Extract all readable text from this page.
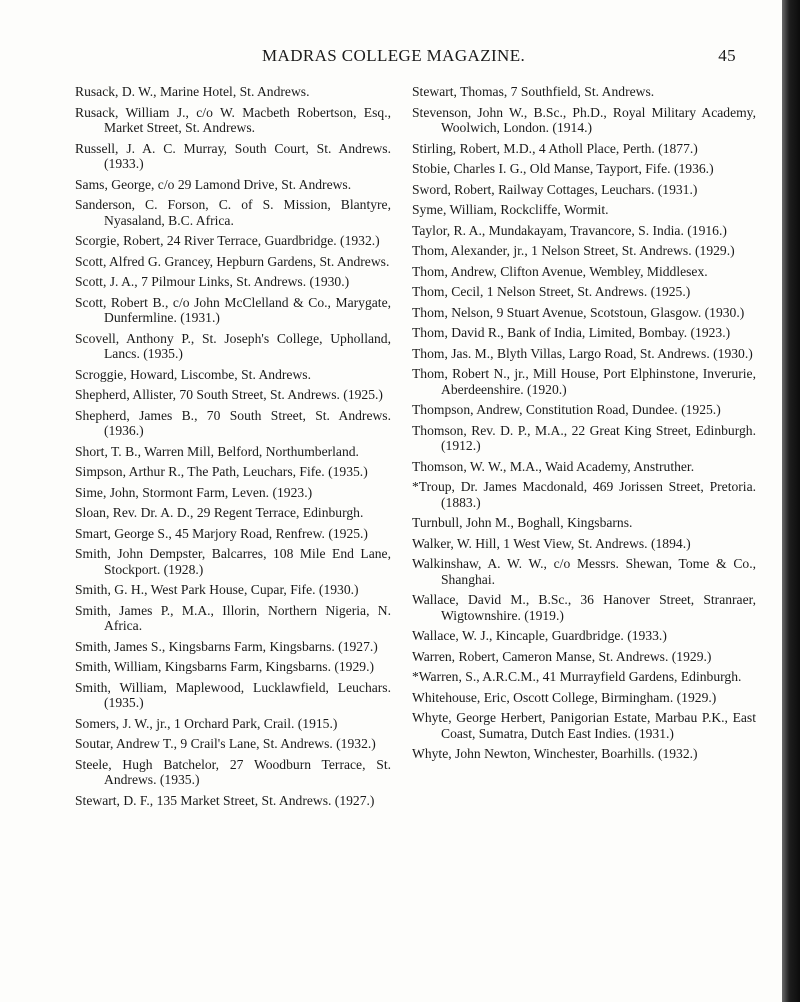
MADRAS COLLEGE MAGAZINE.	45
Rusack, D. W., Marine Hotel, St. Andrews.
Rusack, William J., c/o W. Macbeth Robertson, Esq., Market Street, St. Andrews.
Russell, J. A. C. Murray, South Court, St. Andrews. (1933.)
Sams, George, c/o 29 Lamond Drive, St. Andrews.
Sanderson, C. Forson, C. of S. Mission, Blantyre, Nyasaland, B.C. Africa.
Scorgie, Robert, 24 River Terrace, Guardbridge. (1932.)
Scott, Alfred G. Grancey, Hepburn Gardens, St. Andrews.
Scott, J. A., 7 Pilmour Links, St. Andrews. (1930.)
Scott, Robert B., c/o John McClelland & Co., Marygate, Dunfermline. (1931.)
Scovell, Anthony P., St. Joseph's College, Upholland, Lancs. (1935.)
Scroggie, Howard, Liscombe, St. Andrews.
Shepherd, Allister, 70 South Street, St. Andrews. (1925.)
Shepherd, James B., 70 South Street, St. Andrews. (1936.)
Short, T. B., Warren Mill, Belford, Northumberland.
Simpson, Arthur R., The Path, Leuchars, Fife. (1935.)
Sime, John, Stormont Farm, Leven. (1923.)
Sloan, Rev. Dr. A. D., 29 Regent Terrace, Edinburgh.
Smart, George S., 45 Marjory Road, Renfrew. (1925.)
Smith, John Dempster, Balcarres, 108 Mile End Lane, Stockport. (1928.)
Smith, G. H., West Park House, Cupar, Fife. (1930.)
Smith, James P., M.A., Illorin, Northern Nigeria, N. Africa.
Smith, James S., Kingsbarns Farm, Kingsbarns. (1927.)
Smith, William, Kingsbarns Farm, Kingsbarns. (1929.)
Smith, William, Maplewood, Lucklawfield, Leuchars. (1935.)
Somers, J. W., jr., 1 Orchard Park, Crail. (1915.)
Soutar, Andrew T., 9 Crail's Lane, St. Andrews. (1932.)
Steele, Hugh Batchelor, 27 Woodburn Terrace, St. Andrews. (1935.)
Stewart, D. F., 135 Market Street, St. Andrews. (1927.)
Stewart, Thomas, 7 Southfield, St. Andrews.
Stevenson, John W., B.Sc., Ph.D., Royal Military Academy, Woolwich, London. (1914.)
Stirling, Robert, M.D., 4 Atholl Place, Perth. (1877.)
Stobie, Charles I. G., Old Manse, Tayport, Fife. (1936.)
Sword, Robert, Railway Cottages, Leuchars. (1931.)
Syme, William, Rockcliffe, Wormit.
Taylor, R. A., Mundakayam, Travancore, S. India. (1916.)
Thom, Alexander, jr., 1 Nelson Street, St. Andrews. (1929.)
Thom, Andrew, Clifton Avenue, Wembley, Middlesex.
Thom, Cecil, 1 Nelson Street, St. Andrews. (1925.)
Thom, Nelson, 9 Stuart Avenue, Scotstoun, Glasgow. (1930.)
Thom, David R., Bank of India, Limited, Bombay. (1923.)
Thom, Jas. M., Blyth Villas, Largo Road, St. Andrews. (1930.)
Thom, Robert N., jr., Mill House, Port Elphinstone, Inverurie, Aberdeenshire. (1920.)
Thompson, Andrew, Constitution Road, Dundee. (1925.)
Thomson, Rev. D. P., M.A., 22 Great King Street, Edinburgh. (1912.)
Thomson, W. W., M.A., Waid Academy, Anstruther.
*Troup, Dr. James Macdonald, 469 Jorissen Street, Pretoria. (1883.)
Turnbull, John M., Boghall, Kingsbarns.
Walker, W. Hill, 1 West View, St. Andrews. (1894.)
Walkinshaw, A. W. W., c/o Messrs. Shewan, Tome & Co., Shanghai.
Wallace, David M., B.Sc., 36 Hanover Street, Stranraer, Wigtownshire. (1919.)
Wallace, W. J., Kincaple, Guardbridge. (1933.)
Warren, Robert, Cameron Manse, St. Andrews. (1929.)
*Warren, S., A.R.C.M., 41 Murrayfield Gardens, Edinburgh.
Whitehouse, Eric, Oscott College, Birmingham. (1929.)
Whyte, George Herbert, Panigorian Estate, Marbau P.K., East Coast, Sumatra, Dutch East Indies. (1931.)
Whyte, John Newton, Winchester, Boarhills. (1932.)
